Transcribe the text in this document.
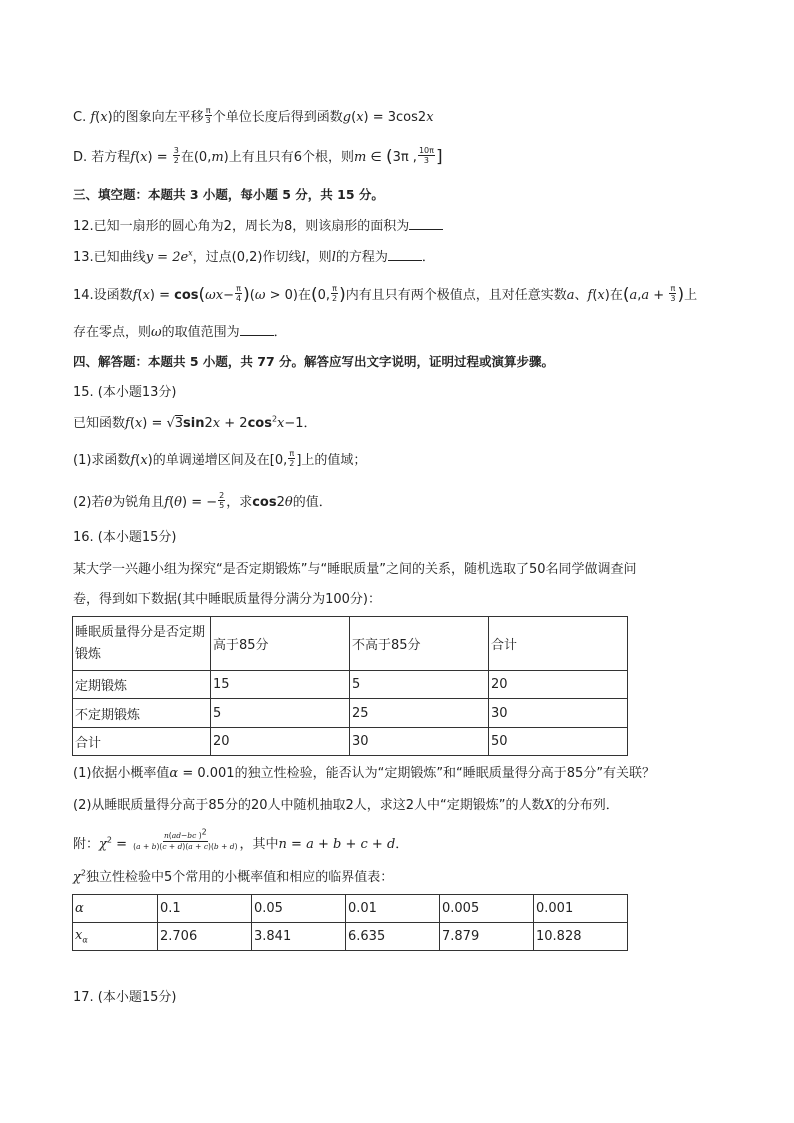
C. f(x)的图象向左平移 $\frac{\pi}{3}$ 个单位长度后得到函数g(x) = 3cos2x
D. 若方程$f(x) = \frac{3}{2}$ 在(0,m)上有且只有6个根，则m ∈ (3π , $\frac{10\pi}{3}$ ]
三、填空题：本题共 3 小题，每小题 5 分，共 15 分。
12.已知一扇形的圆心角为2，周长为8，则该扇形的面积为
13.已知曲线$y = 2e^x$，过点(0,2)作切线l，则l的方程为	．
14.设函数$f(x) = \cos(\omega x- \frac{\pi}{4} )(\omega > 0)$在(0, $\frac{\pi}{2}$ )内有且只有两个极值点，且对任意实数a、f(x)在($a,a + \frac{\pi}{3}$ )上
存在零点，则ω的取值范围为	．
四、解答题：本题共 5 小题，共 77 分。解答应写出文字说明，证明过程或演算步骤。
15. (本小题13分)
已知函数$f(x) = √3\sin 2x + 2\cos^2x-1$．
(1)求函数f(x)的单调递增区间及在[0, $\frac{\pi}{2}$ ]上的值域；
(2)若θ为锐角且f(θ) = − $\frac{2}{5}$ ，求cos2θ的值．
16. (本小题15分)
某大学一兴趣小组为探究“是否定期锻炼”与“睡眠质量”之间的关系，随机选取了50名同学做调查问
卷，得到如下数据(其中睡眠质量得分满分为100分)：
睡眠质量得分是否定期锻炼	高于85分	不高于85分	合计
定期锻炼	15	5	20
不定期锻炼	5	25	30
合计	20	30	50
(1)依据小概率值α = 0.001的独立性检验，能否认为“定期锻炼”和“睡眠质量得分高于85分”有关联？
(2)从睡眠质量得分高于85分的20人中随机抽取2人，求这2人中“定期锻炼”的人数X的分布列．
附：$\chi^2 = \frac{n(ad-bc )^2}{(a + b)(c + d)(a + c)(b + d)}$ ，其中n = a + b + c + d．
$\chi^2$独立性检验中5个常用的小概率值和相应的临界值表：
α	0.1	0.05	0.01	0.005	0.001
$x_\alpha$	2.706	3.841	6.635	7.879	10.828
17. (本小题15分)
